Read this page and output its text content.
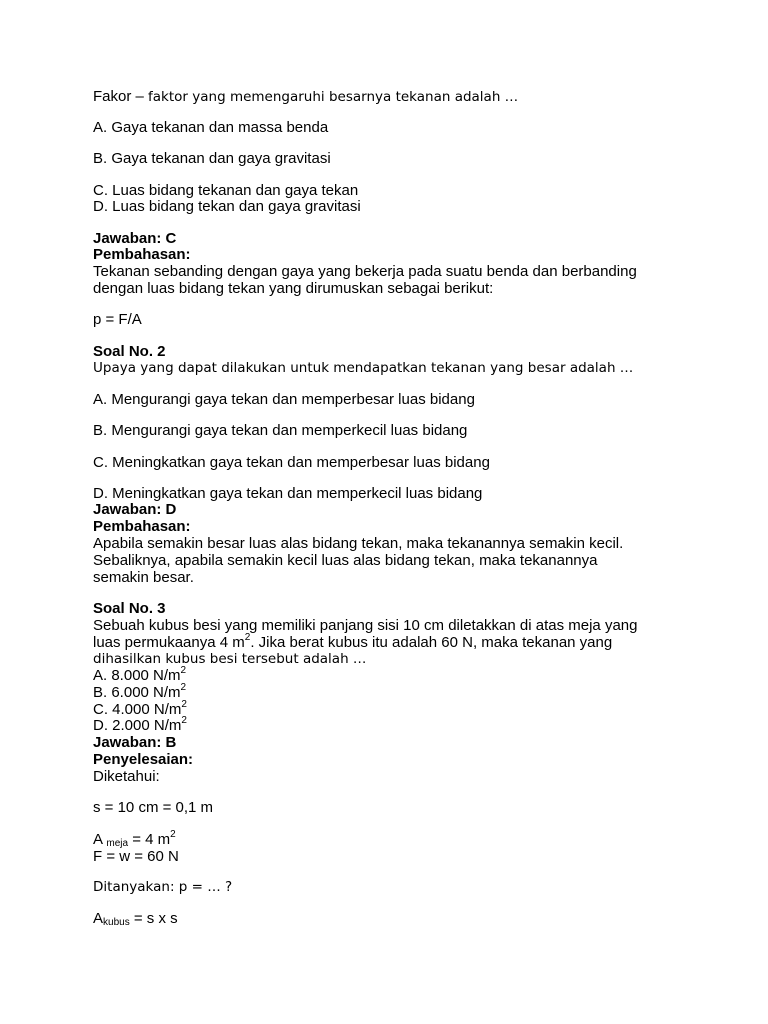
Fakor – faktor yang memengaruhi besarnya tekanan adalah …
A. Gaya tekanan dan massa benda
B. Gaya tekanan dan gaya gravitasi
C. Luas bidang tekanan dan gaya tekan
D. Luas bidang tekan dan gaya gravitasi
Jawaban: C
Pembahasan:
Tekanan sebanding dengan gaya yang bekerja pada suatu benda dan berbanding
dengan luas bidang tekan yang dirumuskan sebagai berikut:
p = F/A
Soal No. 2
Upaya yang dapat dilakukan untuk mendapatkan tekanan yang besar adalah …
A. Mengurangi gaya tekan dan memperbesar luas bidang
B. Mengurangi gaya tekan dan memperkecil luas bidang
C. Meningkatkan gaya tekan dan memperbesar luas bidang
D. Meningkatkan gaya tekan dan memperkecil luas bidang
Jawaban: D
Pembahasan:
Apabila semakin besar luas alas bidang tekan, maka tekanannya semakin kecil.
Sebaliknya, apabila semakin kecil luas alas bidang tekan, maka tekanannya
semakin besar.
Soal No. 3
Sebuah kubus besi yang memiliki panjang sisi 10 cm diletakkan di atas meja yang
luas permukaanya 4 $m^2$. Jika berat kubus itu adalah 60 N, maka tekanan yang
dihasilkan kubus besi tersebut adalah …
A. 8.000 $N/m^2$
B. 6.000 $N/m^2$
C. 4.000 $N/m^2$
D. 2.000 $N/m^2$
Jawaban: B
Penyelesaian:
Diketahui:
s = 10 cm = 0,1 m
A meja = 4 $m^2$
F = w = 60 N
Ditanyakan: p = … ?
Akubus = s x s
